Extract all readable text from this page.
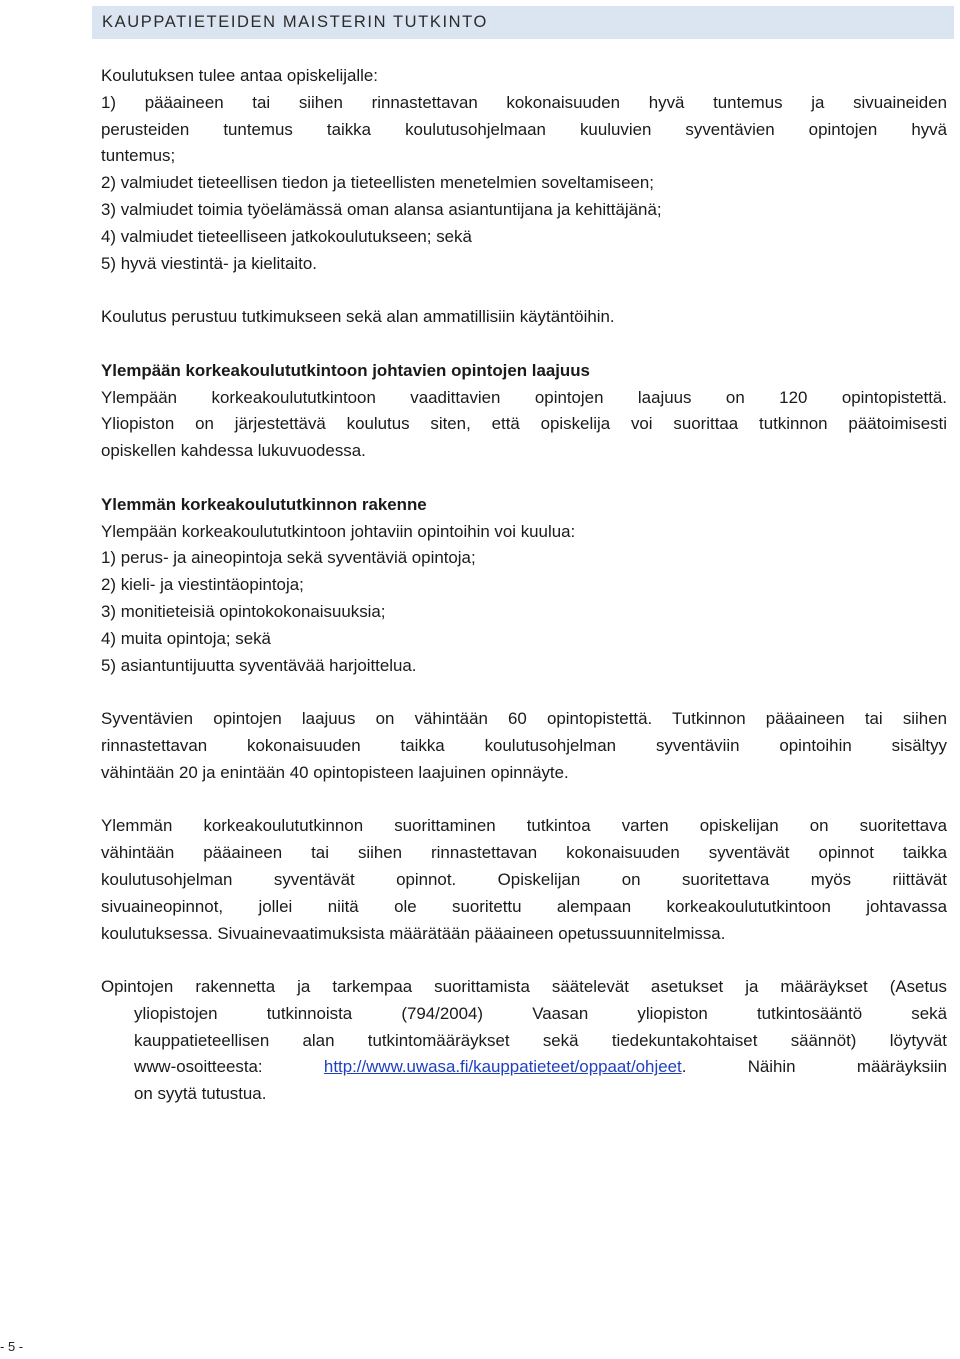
KAUPPATIETEIDEN MAISTERIN TUTKINTO

Koulutuksen tulee antaa opiskelijalle:

1) pääaineen tai siihen rinnastettavan kokonaisuuden hyvä tuntemus ja sivuaineiden

perusteiden tuntemus taikka koulutusohjelmaan kuuluvien syventävien opintojen hyvä

tuntemus;

2) valmiudet tieteellisen tiedon ja tieteellisten menetelmien soveltamiseen;

3) valmiudet toimia työelämässä oman alansa asiantuntijana ja kehittäjänä;

4) valmiudet tieteelliseen jatkokoulutukseen; sekä

5) hyvä viestintä- ja kielitaito.

Koulutus perustuu tutkimukseen sekä alan ammatillisiin käytäntöihin.

Ylempään korkeakoulututkintoon johtavien opintojen laajuus

Ylempään korkeakoulututkintoon vaadittavien opintojen laajuus on 120 opintopistettä.

Yliopiston on järjestettävä koulutus siten, että opiskelija voi suorittaa tutkinnon päätoimisesti

opiskellen kahdessa lukuvuodessa.

Ylemmän korkeakoulututkinnon rakenne

Ylempään korkeakoulututkintoon johtaviin opintoihin voi kuulua:

1) perus- ja aineopintoja sekä syventäviä opintoja;

2) kieli- ja viestintäopintoja;

3) monitieteisiä opintokokonaisuuksia;

4) muita opintoja; sekä

5) asiantuntijuutta syventävää harjoittelua.

Syventävien opintojen laajuus on vähintään 60 opintopistettä. Tutkinnon pääaineen tai siihen

rinnastettavan kokonaisuuden taikka koulutusohjelman syventäviin opintoihin sisältyy

vähintään 20 ja enintään 40 opintopisteen laajuinen opinnäyte.

Ylemmän korkeakoulututkinnon suorittaminen tutkintoa varten opiskelijan on suoritettava

vähintään pääaineen tai siihen rinnastettavan kokonaisuuden syventävät opinnot taikka

koulutusohjelman syventävät opinnot. Opiskelijan on suoritettava myös riittävät

sivuaineopinnot, jollei niitä ole suoritettu alempaan korkeakoulututkintoon johtavassa

koulutuksessa. Sivuainevaatimuksista määrätään pääaineen opetussuunnitelmissa.

Opintojen rakennetta ja tarkempaa suorittamista säätelevät asetukset ja määräykset (Asetus

yliopistojen tutkinnoista (794/2004) Vaasan yliopiston tutkintosääntö sekä

kauppatieteellisen alan tutkintomääräykset sekä tiedekuntakohtaiset säännöt) löytyvät

www-osoitteesta:	http://www.uwasa.fi/kauppatieteet/oppaat/ohjeet. Näihin määräyksiin

on syytä tutustua.

- 5 -
